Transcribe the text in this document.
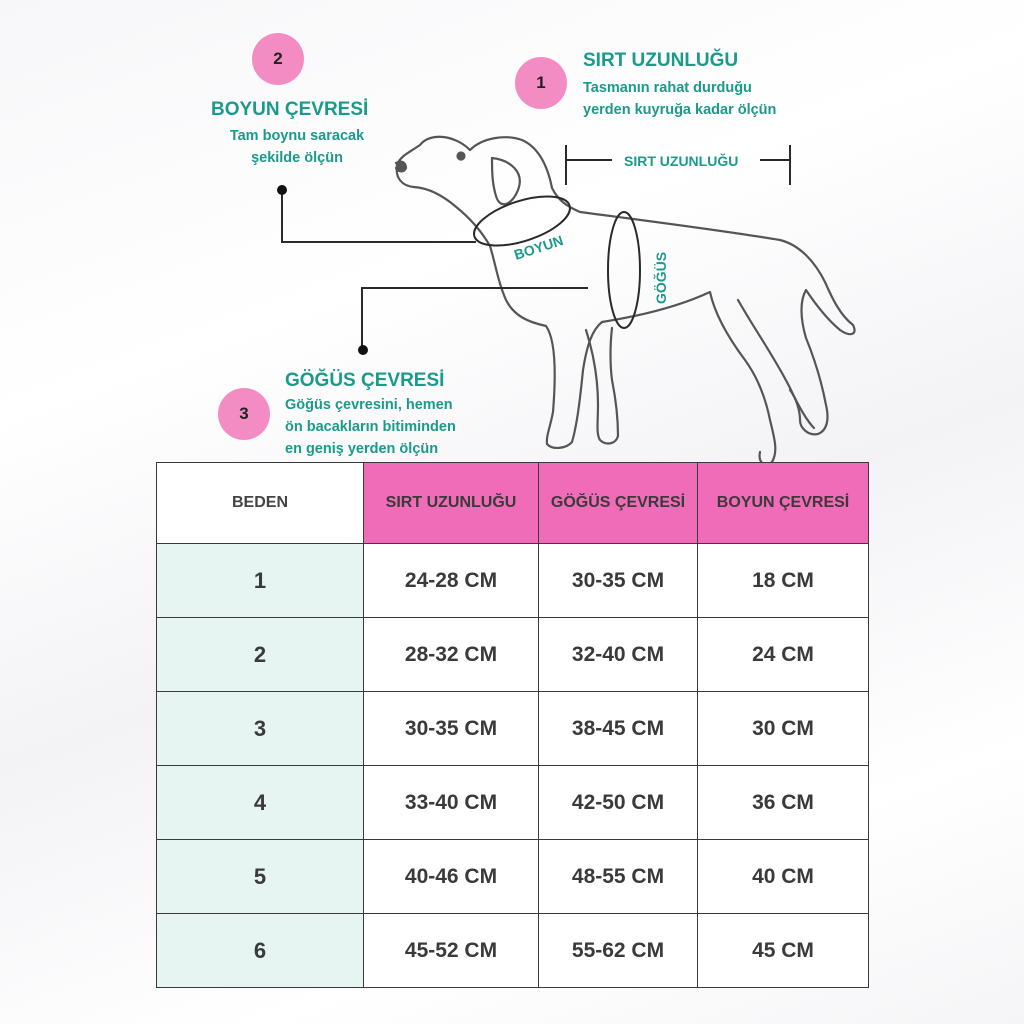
SIRT UZUNLUĞU
BOYUN
GÖĞÜS
1
SIRT UZUNLUĞU
Tasmanın rahat durduğu
yerden kuyruğa kadar ölçün
2
BOYUN ÇEVRESİ
Tam boynu saracak
şekilde ölçün
3
GÖĞÜS ÇEVRESİ
Göğüs çevresini, hemen
ön bacakların bitiminden
en geniş yerden ölçün
BEDEN	SIRT UZUNLUĞU	GÖĞÜS ÇEVRESİ	BOYUN ÇEVRESİ
1	24-28 CM	30-35 CM	18 CM
2	28-32 CM	32-40 CM	24 CM
3	30-35 CM	38-45 CM	30 CM
4	33-40 CM	42-50 CM	36 CM
5	40-46 CM	48-55 CM	40 CM
6	45-52 CM	55-62 CM	45 CM
